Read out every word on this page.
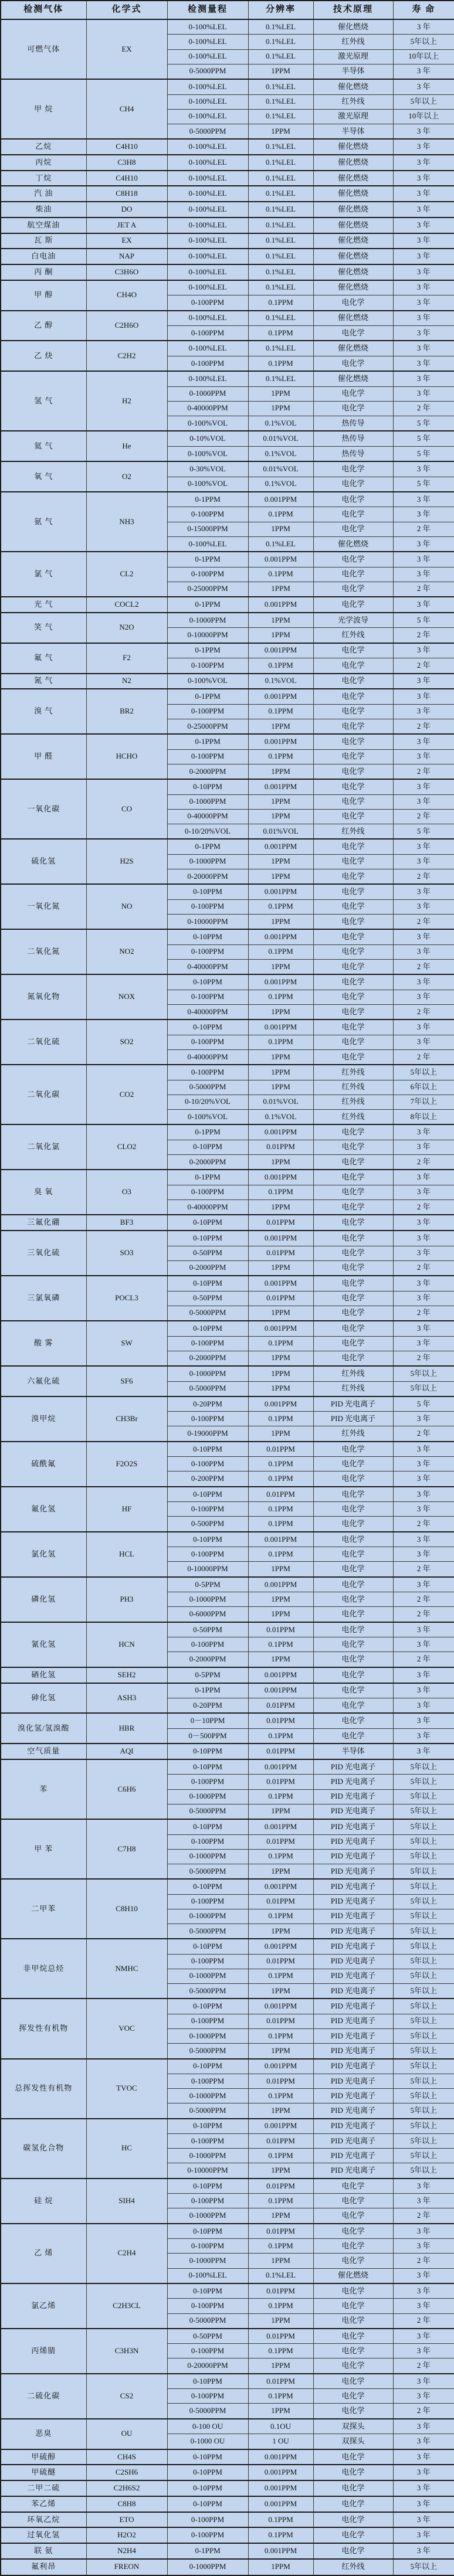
检测气体	化学式	检测量程	分辨率	技术原理	寿 命
可燃气体	EX	0-100%LEL	0.1%LEL	催化燃烧	3 年
		0-100%LEL	0.1%LEL	红外线	5年以上
		0-100%LEL	0.1%LEL	激光原理	10年以上
		0-5000PPM	1PPM	半导体	3 年
甲 烷	CH4	0-100%LEL	0.1%LEL	催化燃烧	3 年
		0-100%LEL	0.1%LEL	红外线	5年以上
		0-100%LEL	0.1%LEL	激光原理	10年以上
		0-5000PPM	1PPM	半导体	3 年
乙烷	C4H10	0-100%LEL	0.1%LEL	催化燃烧	3 年
丙烷	C3H8	0-100%LEL	0.1%LEL	催化燃烧	3 年
丁烷	C4H10	0-100%LEL	0.1%LEL	催化燃烧	3 年
汽 油	C8H18	0-100%LEL	0.1%LEL	催化燃烧	3 年
柴油	DO	0-100%LEL	0.1%LEL	催化燃烧	3 年
航空煤油	JET A	0-100%LEL	0.1%LEL	催化燃烧	3 年
瓦 斯	EX	0-100%LEL	0.1%LEL	催化燃烧	3 年
白电油	NAP	0-100%LEL	0.1%LEL	催化燃烧	3 年
丙 酮	C3H6O	0-100%LEL	0.1%LEL	催化燃烧	3 年
甲 醇	CH4O	0-100%LEL	0.1%LEL	催化燃烧	3 年
		0-100PPM	0.1PPM	电化学	3 年
乙 醇	C2H6O	0-100%LEL	0.1%LEL	催化燃烧	3 年
		0-100PPM	0.1PPM	电化学	3 年
乙 炔	C2H2	0-100%LEL	0.1%LEL	催化燃烧	3 年
		0-100PPM	0.1PPM	电化学	3 年
氢 气	H2	0-100%LEL	0.1%LEL	催化燃烧	3 年
		0-1000PPM	1PPM	电化学	3 年
		0-40000PPM	1PPM	电化学	2 年
		0-100%VOL	0.1%VOL	热传导	5 年
氦 气	He	0-10%VOL	0.01%VOL	热传导	5 年
		0-100%VOL	0.1%VOL	热传导	5 年
氧 气	O2	0-30%VOL	0.01%VOL	电化学	3 年
		0-100%VOL	0.1%VOL	电化学	5 年
氨 气	NH3	0-1PPM	0.001PPM	电化学	3 年
		0-100PPM	0.1PPM	电化学	3 年
		0-15000PPM	1PPM	电化学	2 年
		0-100%LEL	0.1%LEL	催化燃烧	3 年
氯 气	CL2	0-1PPM	0.001PPM	电化学	3 年
		0-100PPM	0.1PPM	电化学	3 年
		0-25000PPM	1PPM	电化学	2 年
光 气	COCL2	0-1PPM	0.001PPM	电化学	3 年
笑 气	N2O	0-1000PPM	1PPM	光学波导	5 年
		0-10000PPM	1PPM	红外线	2 年
氟 气	F2	0-1PPM	0.001PPM	电化学	3 年
		0-100PPM	0.1PPM	电化学	2 年
氮 气	N2	0-100%VOL	0.1%VOL	电化学	3 年
溴 气	BR2	0-1PPM	0.001PPM	电化学	3 年
		0-100PPM	0.1PPM	电化学	3 年
		0-25000PPM	1PPM	电化学	2 年
甲 醛	HCHO	0-1PPM	0.001PPM	电化学	3 年
		0-100PPM	0.1PPM	电化学	3 年
		0-2000PPM	1PPM	电化学	2 年
一氧化碳	CO	0-10PPM	0.001PPM	电化学	3 年
		0-1000PPM	1PPM	电化学	3 年
		0-40000PPM	1PPM	电化学	2 年
		0-10/20%VOL	0.01%VOL	红外线	5 年
硫化氢	H2S	0-1PPM	0.001PPM	电化学	3 年
		0-1000PPM	1PPM	电化学	3 年
		0-20000PPM	1PPM	电化学	2 年
一氧化氮	NO	0-10PPM	0.001PPM	电化学	3 年
		0-100PPM	0.1PPM	电化学	3 年
		0-10000PPM	1PPM	电化学	2 年
二氧化氮	NO2	0-10PPM	0.001PPM	电化学	3 年
		0-100PPM	0.1PPM	电化学	3 年
		0-40000PPM	1PPM	电化学	2 年
氮氧化物	NOX	0-10PPM	0.001PPM	电化学	3 年
		0-100PPM	0.1PPM	电化学	3 年
		0-40000PPM	1PPM	电化学	2 年
二氧化硫	SO2	0-10PPM	0.001PPM	电化学	3 年
		0-100PPM	0.1PPM	电化学	3 年
		0-40000PPM	1PPM	电化学	2 年
二氧化碳	CO2	0-100PPM	1PPM	红外线	5年以上
		0-5000PPM	1PPM	红外线	6年以上
		0-10/20%VOL	0.01%VOL	红外线	7年以上
		0-100%VOL	0.1%VOL	红外线	8年以上
二氧化氯	CLO2	0-1PPM	0.001PPM	电化学	3 年
		0-10PPM	0.01PPM	电化学	3 年
		0-2000PPM	1PPM	电化学	2 年
臭 氧	O3	0-1PPM	0.001PPM	电化学	3 年
		0-100PPM	0.1PPM	电化学	3 年
		0-40000PPM	1PPM	电化学	2 年
三氟化硼	BF3	0-10PPM	0.01PPM	电化学	3 年
三氧化硫	SO3	0-10PPM	0.001PPM	电化学	3 年
		0-50PPM	0.01PPM	电化学	3 年
		0-2000PPM	1PPM	电化学	2 年
三氯氧磷	POCL3	0-10PPM	0.001PPM	电化学	3 年
		0-50PPM	0.01PPM	电化学	3 年
		0-5000PPM	1PPM	电化学	2 年
酸 雾	SW	0-10PPM	0.001PPM	电化学	3 年
		0-100PPM	0.1PPM	电化学	3 年
		0-2000PPM	1PPM	电化学	2 年
六氟化硫	SF6	0-1000PPM	1PPM	红外线	5年以上
		0-5000PPM	1PPM	红外线	5年以上
溴甲烷	CH3Br	0-20PPM	0.001PPM	PID 光电离子	5 年
		0-100PPM	0.1PPM	PID 光电离子	3 年
		0-19000PPM	1PPM	红外线	2 年
硫酰氟	F2O2S	0-10PPM	0.01PPM	电化学	3 年
		0-100PPM	0.1PPM	电化学	3 年
		0-200PPM	0.1PPM	电化学	3 年
氟化氢	HF	0-10PPM	0.01PPM	电化学	3 年
		0-100PPM	0.1PPM	电化学	3 年
		0-500PPM	0.1PPM	电化学	2 年
氯化氢	HCL	0-10PPM	0.001PPM	电化学	3 年
		0-100PPM	0.1PPM	电化学	3 年
		0-10000PPM	1PPM	电化学	2 年
磷化氢	PH3	0-5PPM	0.001PPM	电化学	3 年
		0-1000PPM	1PPM	电化学	2 年
		0-6000PPM	1PPM	电化学	2 年
氰化氢	HCN	0-50PPM	0.01PPM	电化学	3 年
		0-100PPM	0.1PPM	电化学	3 年
		0-2000PPM	1PPM	电化学	2 年
硒化氢	SEH2	0-5PPM	0.001PPM	电化学	3 年
砷化氢	ASH3	0-1PPM	0.001PPM	电化学	3 年
		0-20PPM	0.01PPM	电化学	3 年
溴化氢/氢溴酸	HBR	0－10PPM	0.01PPM	电化学	3 年
		0－500PPM	0.1PPM	电化学	3 年
空气质量	AQI	0-10PPM	0.01PPM	半导体	3 年
苯	C6H6	0-10PPM	0.001PPM	PID 光电离子	5年以上
		0-100PPM	0.01PPM	PID 光电离子	5年以上
		0-1000PPM	0.1PPM	PID 光电离子	5年以上
		0-5000PPM	1PPM	PID 光电离子	5年以上
甲 苯	C7H8	0-10PPM	0.001PPM	PID 光电离子	5年以上
		0-100PPM	0.01PPM	PID 光电离子	5年以上
		0-1000PPM	0.1PPM	PID 光电离子	5年以上
		0-5000PPM	1PPM	PID 光电离子	5年以上
二甲苯	C8H10	0-10PPM	0.001PPM	PID 光电离子	5年以上
		0-100PPM	0.01PPM	PID 光电离子	5年以上
		0-1000PPM	0.1PPM	PID 光电离子	5年以上
		0-5000PPM	1PPM	PID 光电离子	5年以上
非甲烷总烃	NMHC	0-10PPM	0.001PPM	PID 光电离子	5年以上
		0-100PPM	0.01PPM	PID 光电离子	5年以上
		0-1000PPM	0.1PPM	PID 光电离子	5年以上
		0-5000PPM	1PPM	PID 光电离子	5年以上
挥发性有机物	VOC	0-10PPM	0.001PPM	PID 光电离子	5年以上
		0-100PPM	0.01PPM	PID 光电离子	5年以上
		0-1000PPM	0.1PPM	PID 光电离子	5年以上
		0-5000PPM	1PPM	PID 光电离子	5年以上
总挥发性有机物	TVOC	0-10PPM	0.001PPM	PID 光电离子	5年以上
		0-100PPM	0.01PPM	PID 光电离子	5年以上
		0-1000PPM	0.1PPM	PID 光电离子	5年以上
		0-5000PPM	1PPM	PID 光电离子	5年以上
碳氢化合物	HC	0-10PPM	0.001PPM	PID 光电离子	5年以上
		0-100PPM	0.01PPM	PID 光电离子	5年以上
		0-1000PPM	0.1PPM	PID 光电离子	5年以上
		0-10000PPM	1PPM	PID 光电离子	5年以上
硅 烷	SIH4	0-10PPM	0.01PPM	电化学	3 年
		0-100PPM	0.1PPM	电化学	3 年
		0-1000PPM	1PPM	电化学	2 年
乙 烯	C2H4	0-10PPM	0.01PPM	电化学	3 年
		0-100PPM	0.1PPM	电化学	3 年
		0-1000PPM	1PPM	电化学	2 年
		0-100%LEL	0.1%LEL	催化燃烧	3 年
氯乙烯	C2H3CL	0-10PPM	0.01PPM	电化学	3 年
		0-100PPM	0.1PPM	电化学	3 年
		0-5000PPM	1PPM	电化学	2 年
丙烯腈	C3H3N	0-50PPM	0.01PPM	电化学	3 年
		0-100PPM	0.1PPM	电化学	3 年
		0-20000PPM	1PPM	电化学	2 年
二硫化碳	CS2	0-10PPM	0.01PPM	电化学	3 年
		0-100PPM	0.1PPM	电化学	3 年
		0-5000PPM	1PPM	电化学	2 年
恶臭	OU	0-100 OU	0.1OU	双探头	3 年
		0-1000 OU	1 OU	双探头	3 年
甲硫醇	CH4S	0-10PPM	0.001PPM	电化学	3 年
甲硫醚	C2SH6	0-10PPM	0.001PPM	电化学	3 年
二甲二硫	C2H6S2	0-10PPM	0.001PPM	电化学	3 年
苯乙烯	C8H8	0-10PPM	0.001PPM	电化学	3 年
环氧乙烷	ETO	0-100PPM	0.1PPM	电化学	3 年
过氧化氢	H2O2	0-100PPM	0.1PPM	电化学	3 年
联 氨	N2H4	0-1PPM	0.001PPM	电化学	3 年
氟利昂	FREON	0-1000PPM	1PPM	红外线	5年以上
